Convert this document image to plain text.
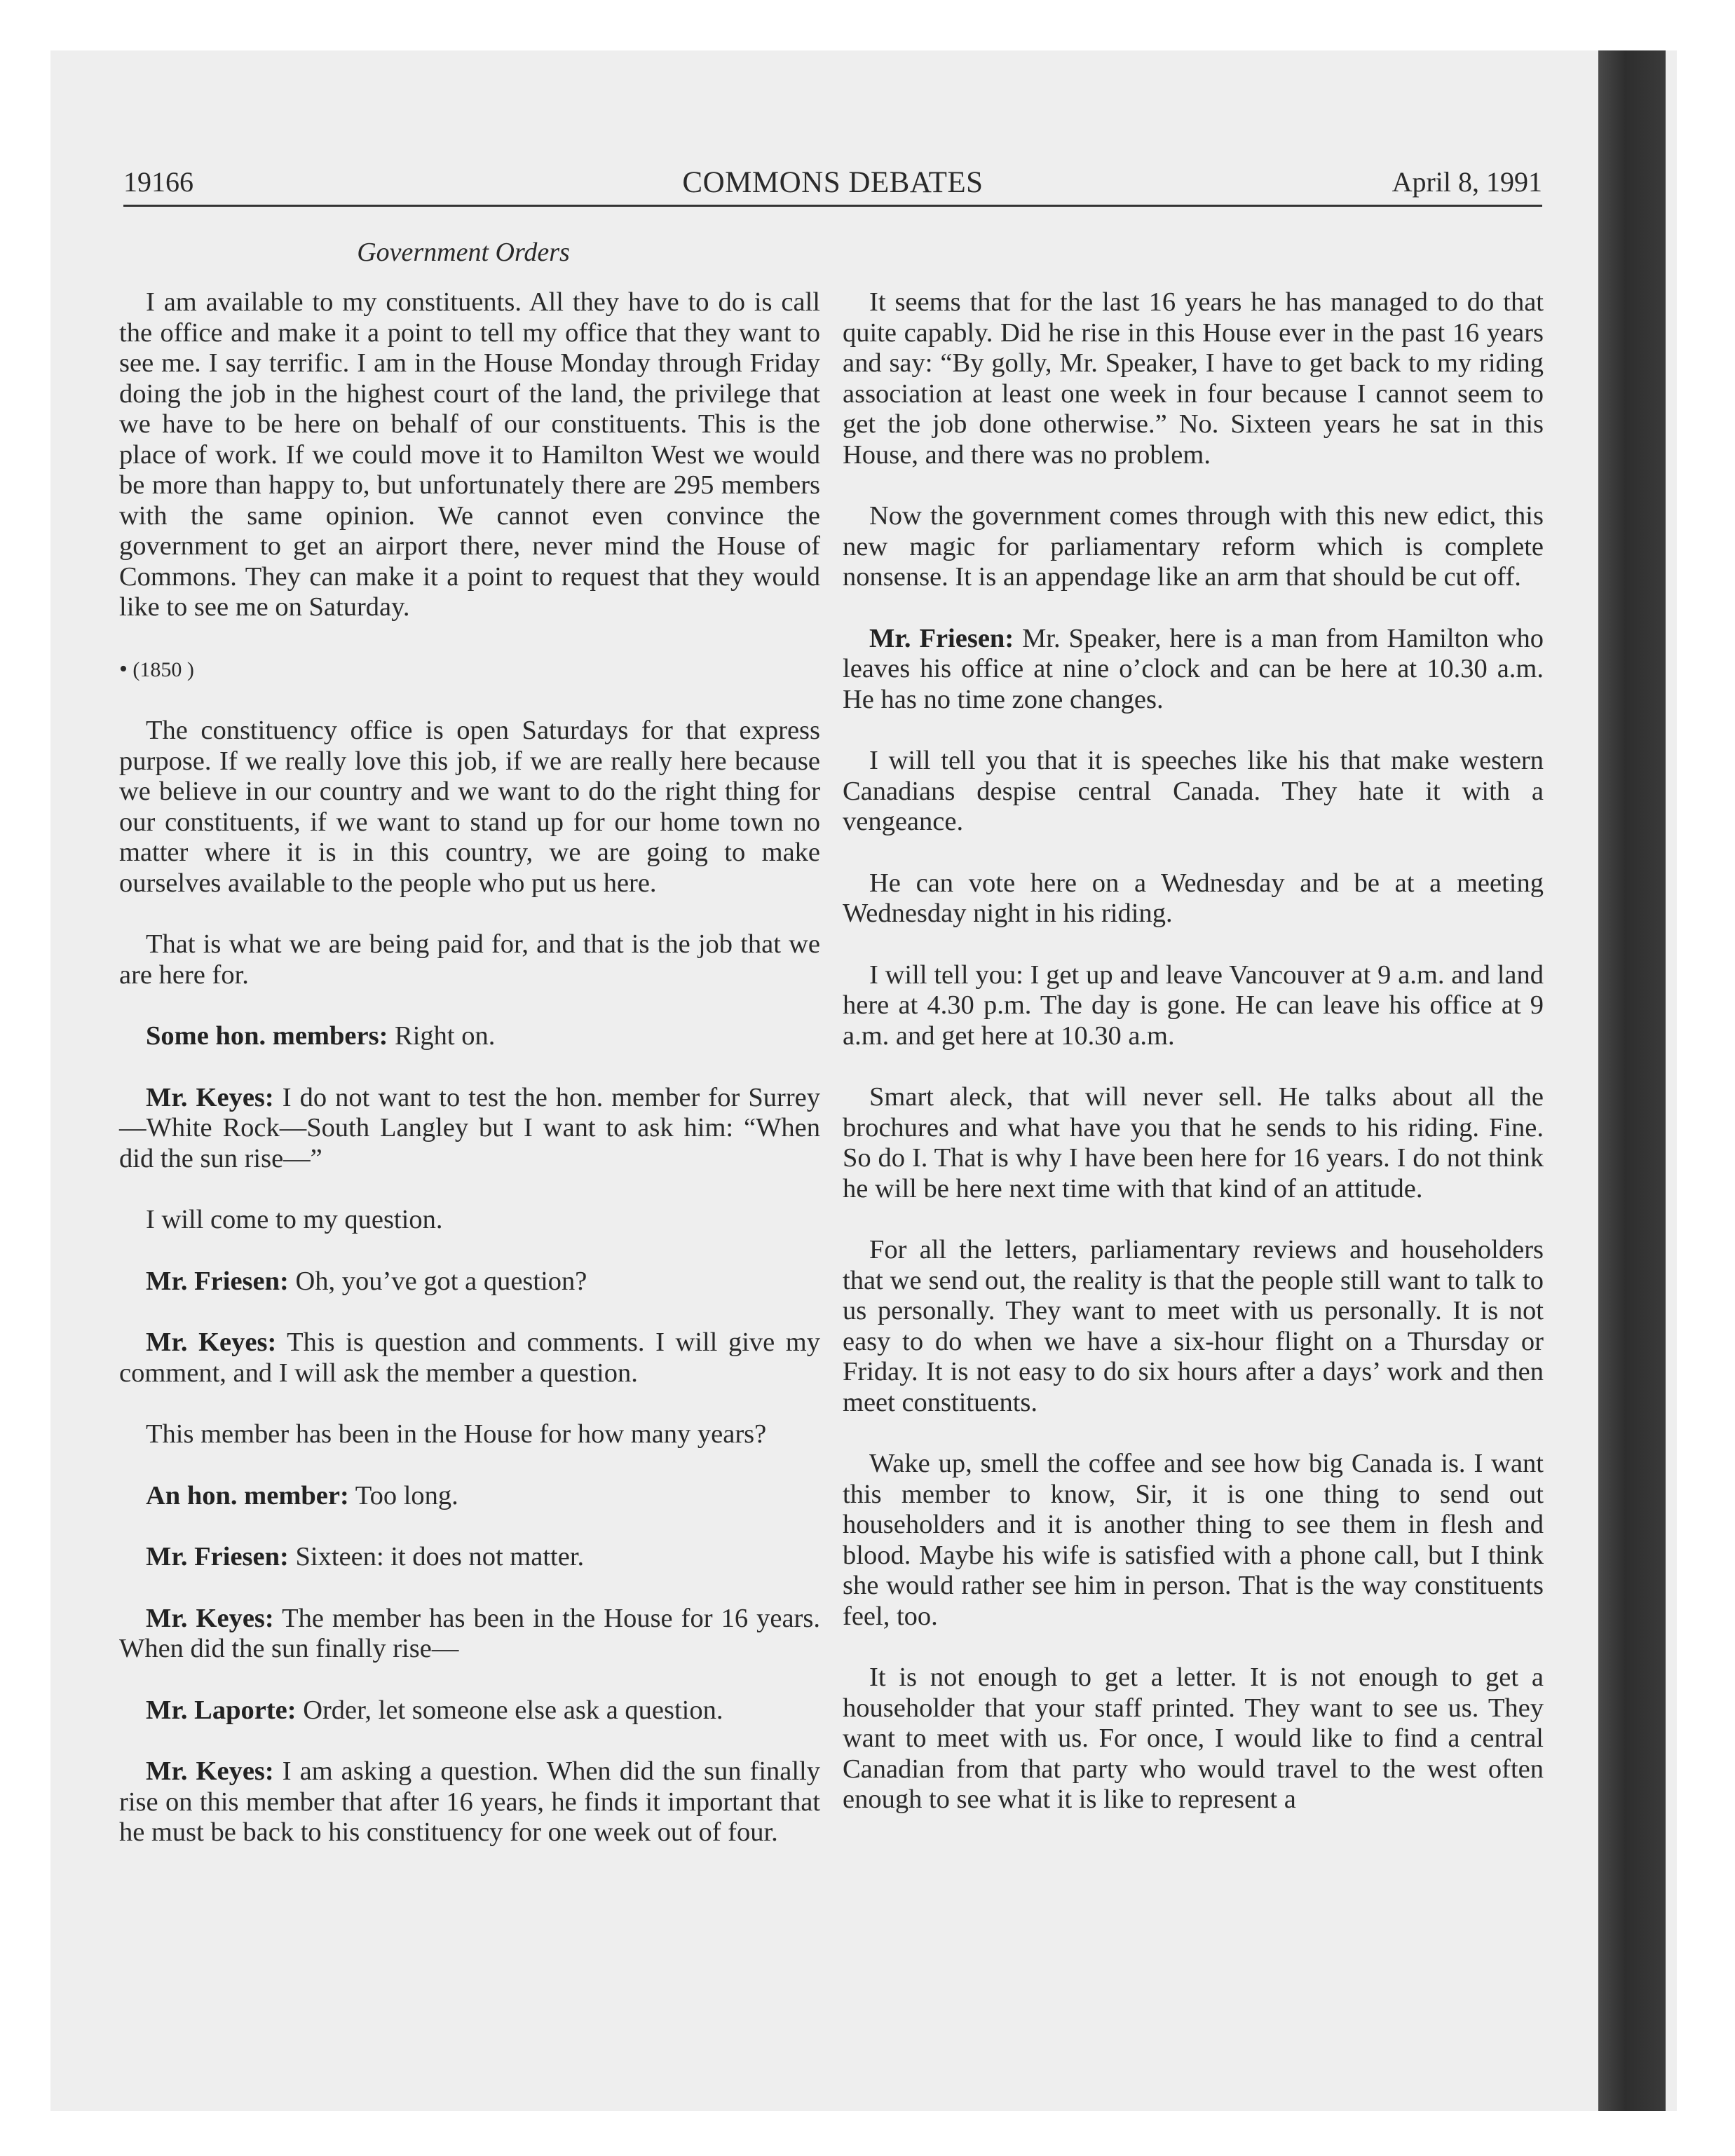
19166	COMMONS DEBATES	April 8, 1991
Government Orders

I am available to my constituents. All they have to do is call the office and make it a point to tell my office that they want to see me. I say terrific. I am in the House Monday through Friday doing the job in the highest court of the land, the privilege that we have to be here on behalf of our constituents. This is the place of work. If we could move it to Hamilton West we would be more than happy to, but unfortunately there are 295 members with the same opinion. We cannot even convince the government to get an airport there, never mind the House of Commons. They can make it a point to request that they would like to see me on Saturday.

• (1850 )

The constituency office is open Saturdays for that express purpose. If we really love this job, if we are really here because we believe in our country and we want to do the right thing for our constituents, if we want to stand up for our home town no matter where it is in this country, we are going to make ourselves available to the people who put us here.

That is what we are being paid for, and that is the job that we are here for.

Some hon. members: Right on.

Mr. Keyes: I do not want to test the hon. member for Surrey—White Rock—South Langley but I want to ask him: “When did the sun rise—”

I will come to my question.

Mr. Friesen: Oh, you’ve got a question?

Mr. Keyes: This is question and comments. I will give my comment, and I will ask the member a question.

This member has been in the House for how many years?

An hon. member: Too long.

Mr. Friesen: Sixteen: it does not matter.

Mr. Keyes: The member has been in the House for 16 years. When did the sun finally rise—

Mr. Laporte: Order, let someone else ask a question.

Mr. Keyes: I am asking a question. When did the sun finally rise on this member that after 16 years, he finds it important that he must be back to his constituency for one week out of four.

It seems that for the last 16 years he has managed to do that quite capably. Did he rise in this House ever in the past 16 years and say: “By golly, Mr. Speaker, I have to get back to my riding association at least one week in four because I cannot seem to get the job done otherwise.” No. Sixteen years he sat in this House, and there was no problem.

Now the government comes through with this new edict, this new magic for parliamentary reform which is complete nonsense. It is an appendage like an arm that should be cut off.

Mr. Friesen: Mr. Speaker, here is a man from Hamilton who leaves his office at nine o’clock and can be here at 10.30 a.m. He has no time zone changes.

I will tell you that it is speeches like his that make western Canadians despise central Canada. They hate it with a vengeance.

He can vote here on a Wednesday and be at a meeting Wednesday night in his riding.

I will tell you: I get up and leave Vancouver at 9 a.m. and land here at 4.30 p.m. The day is gone. He can leave his office at 9 a.m. and get here at 10.30 a.m.

Smart aleck, that will never sell. He talks about all the brochures and what have you that he sends to his riding. Fine. So do I. That is why I have been here for 16 years. I do not think he will be here next time with that kind of an attitude.

For all the letters, parliamentary reviews and householders that we send out, the reality is that the people still want to talk to us personally. They want to meet with us personally. It is not easy to do when we have a six-hour flight on a Thursday or Friday. It is not easy to do six hours after a days’ work and then meet constituents.

Wake up, smell the coffee and see how big Canada is. I want this member to know, Sir, it is one thing to send out householders and it is another thing to see them in flesh and blood. Maybe his wife is satisfied with a phone call, but I think she would rather see him in person. That is the way constituents feel, too.

It is not enough to get a letter. It is not enough to get a householder that your staff printed. They want to see us. They want to meet with us. For once, I would like to find a central Canadian from that party who would travel to the west often enough to see what it is like to represent a
